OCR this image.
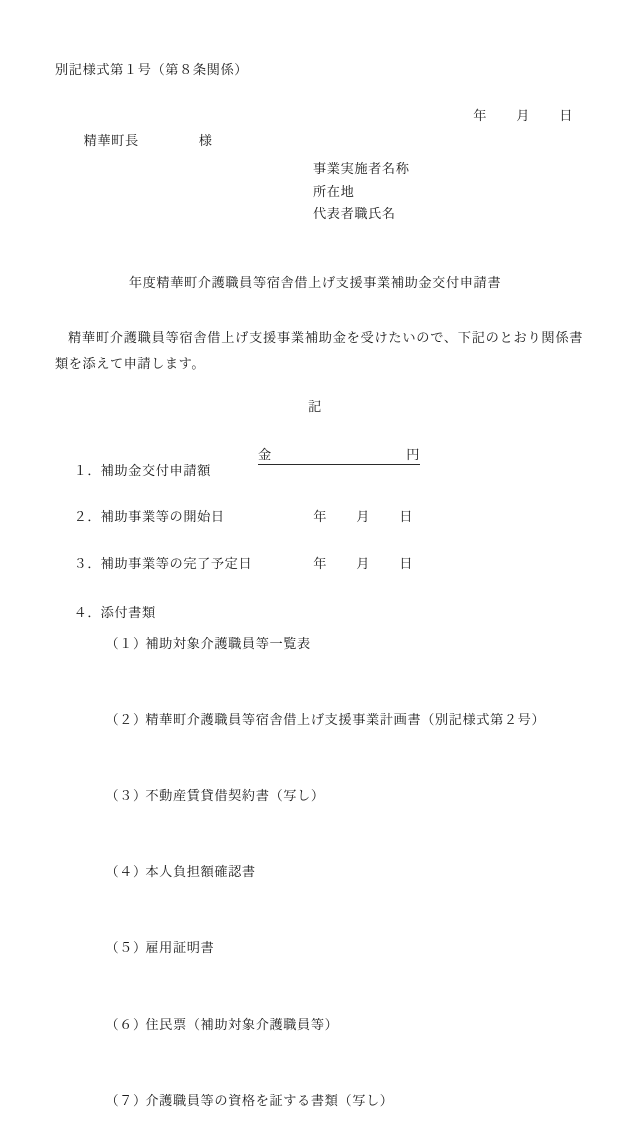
別記様式第１号（第８条関係）

年 月 日

精華町長	様

事業実施者名称
所在地
代表者職氏名
年度精華町介護職員等宿舎借上げ支援事業補助金交付申請書
精華町介護職員等宿舎借上げ支援事業補助金を受けたいので、下記のとおり関係書類を添えて申請します。
記

１．補助金交付申請額

金	円

２．補助事業等の開始日
	年 月 日

３．補助事業等の完了予定日
	年 月 日

４．添付書類

（１）補助対象介護職員等一覧表

（２）精華町介護職員等宿舎借上げ支援事業計画書（別記様式第２号）

（３）不動産賃貸借契約書（写し）

（４）本人負担額確認書

（５）雇用証明書

（６）住民票（補助対象介護職員等）

（７）介護職員等の資格を証する書類（写し）
